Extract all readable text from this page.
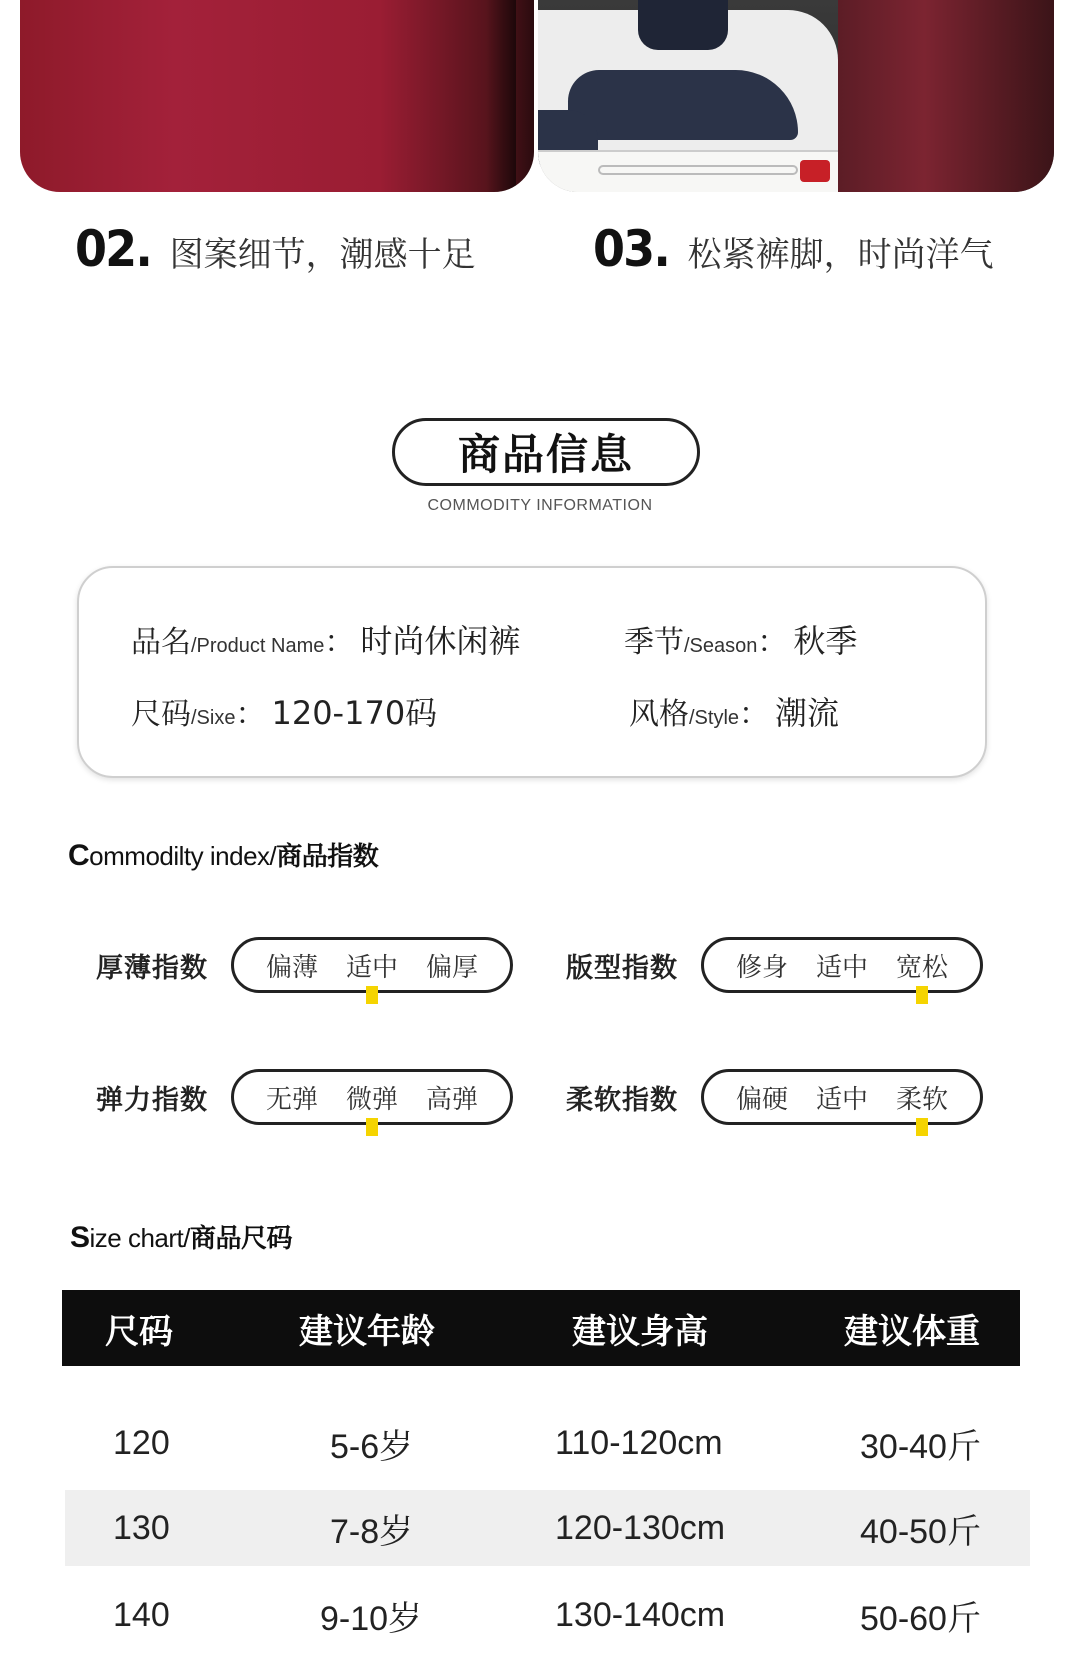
02. 图案细节，潮感十足 03. 松紧裤脚，时尚洋气
商品信息
COMMODITY INFORMATION
品名 /Product Name ： 时尚休闲裤	季节 /Season ： 秋季
尺码 /Sixe ： 120-170码	风格 /Style ： 潮流
Commodilty index/商品指数
厚薄指数	偏薄 适中 偏厚	版型指数	修身 适中 宽松
弹力指数	无弹 微弹 高弹	柔软指数	偏硬 适中 柔软
Size chart/商品尺码
尺码	建议年龄	建议身高	建议体重
120	5-6岁	110-120cm	30-40斤
130	7-8岁	120-130cm	40-50斤
140	9-10岁	130-140cm	50-60斤
